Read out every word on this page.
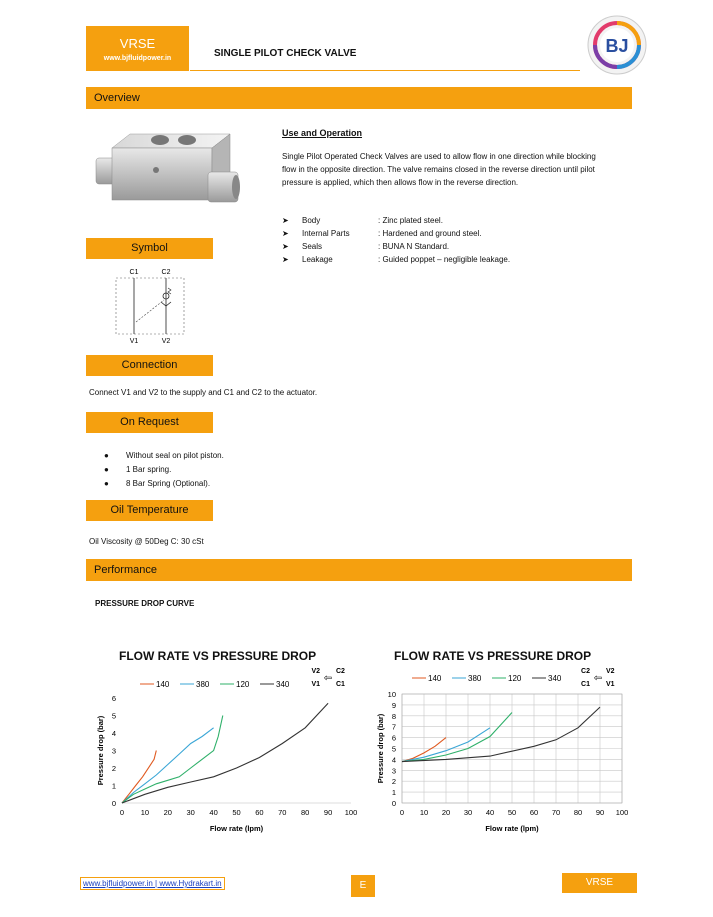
VRSE
www.bjfluidpower.in	SINGLE PILOT CHECK VALVE	BJ
Overview
Use and Operation
Single Pilot Operated Check Valves are used to allow flow in one direction while blocking flow in the opposite direction. The valve remains closed in the reverse direction until pilot pressure is applied, which then allows flow in the reverse direction.
➤ Body	: Zinc plated steel.
➤ Internal Parts	: Hardened and ground steel.
➤ Seals	: BUNA N Standard.
➤ Leakage	: Guided poppet – negligible leakage.
Symbol
C1	C2
V1	V2
Connection
Connect V1 and V2 to the supply and C1 and C2 to the actuator.
On Request
● Without seal on pilot piston.
● 1 Bar spring.
● 8 Bar Spring (Optional).
Oil Temperature
Oil Viscosity @ 50Deg C: 30 cSt
Performance
PRESSURE DROP CURVE
FLOW RATE VS PRESSURE DROP	FLOW RATE VS PRESSURE DROP
140	380	120	340
V2
V1
⇦
C2
C1
0 10 20 30 40 50 60 70 80 90 100
0
1
2
3
4
5
6
Flow rate (lpm)
Pressure drop (bar)
140	380	120	340
C2
C1
⇦
V2
V1
0 10 20 30 40 50 60 70 80 90 100
0
1
2
3
4
5
6
7
8
9
10
Flow rate (lpm)
Pressure drop (bar)
www.bjfluidpower.in | www.Hydrakart.in	E	VRSE
